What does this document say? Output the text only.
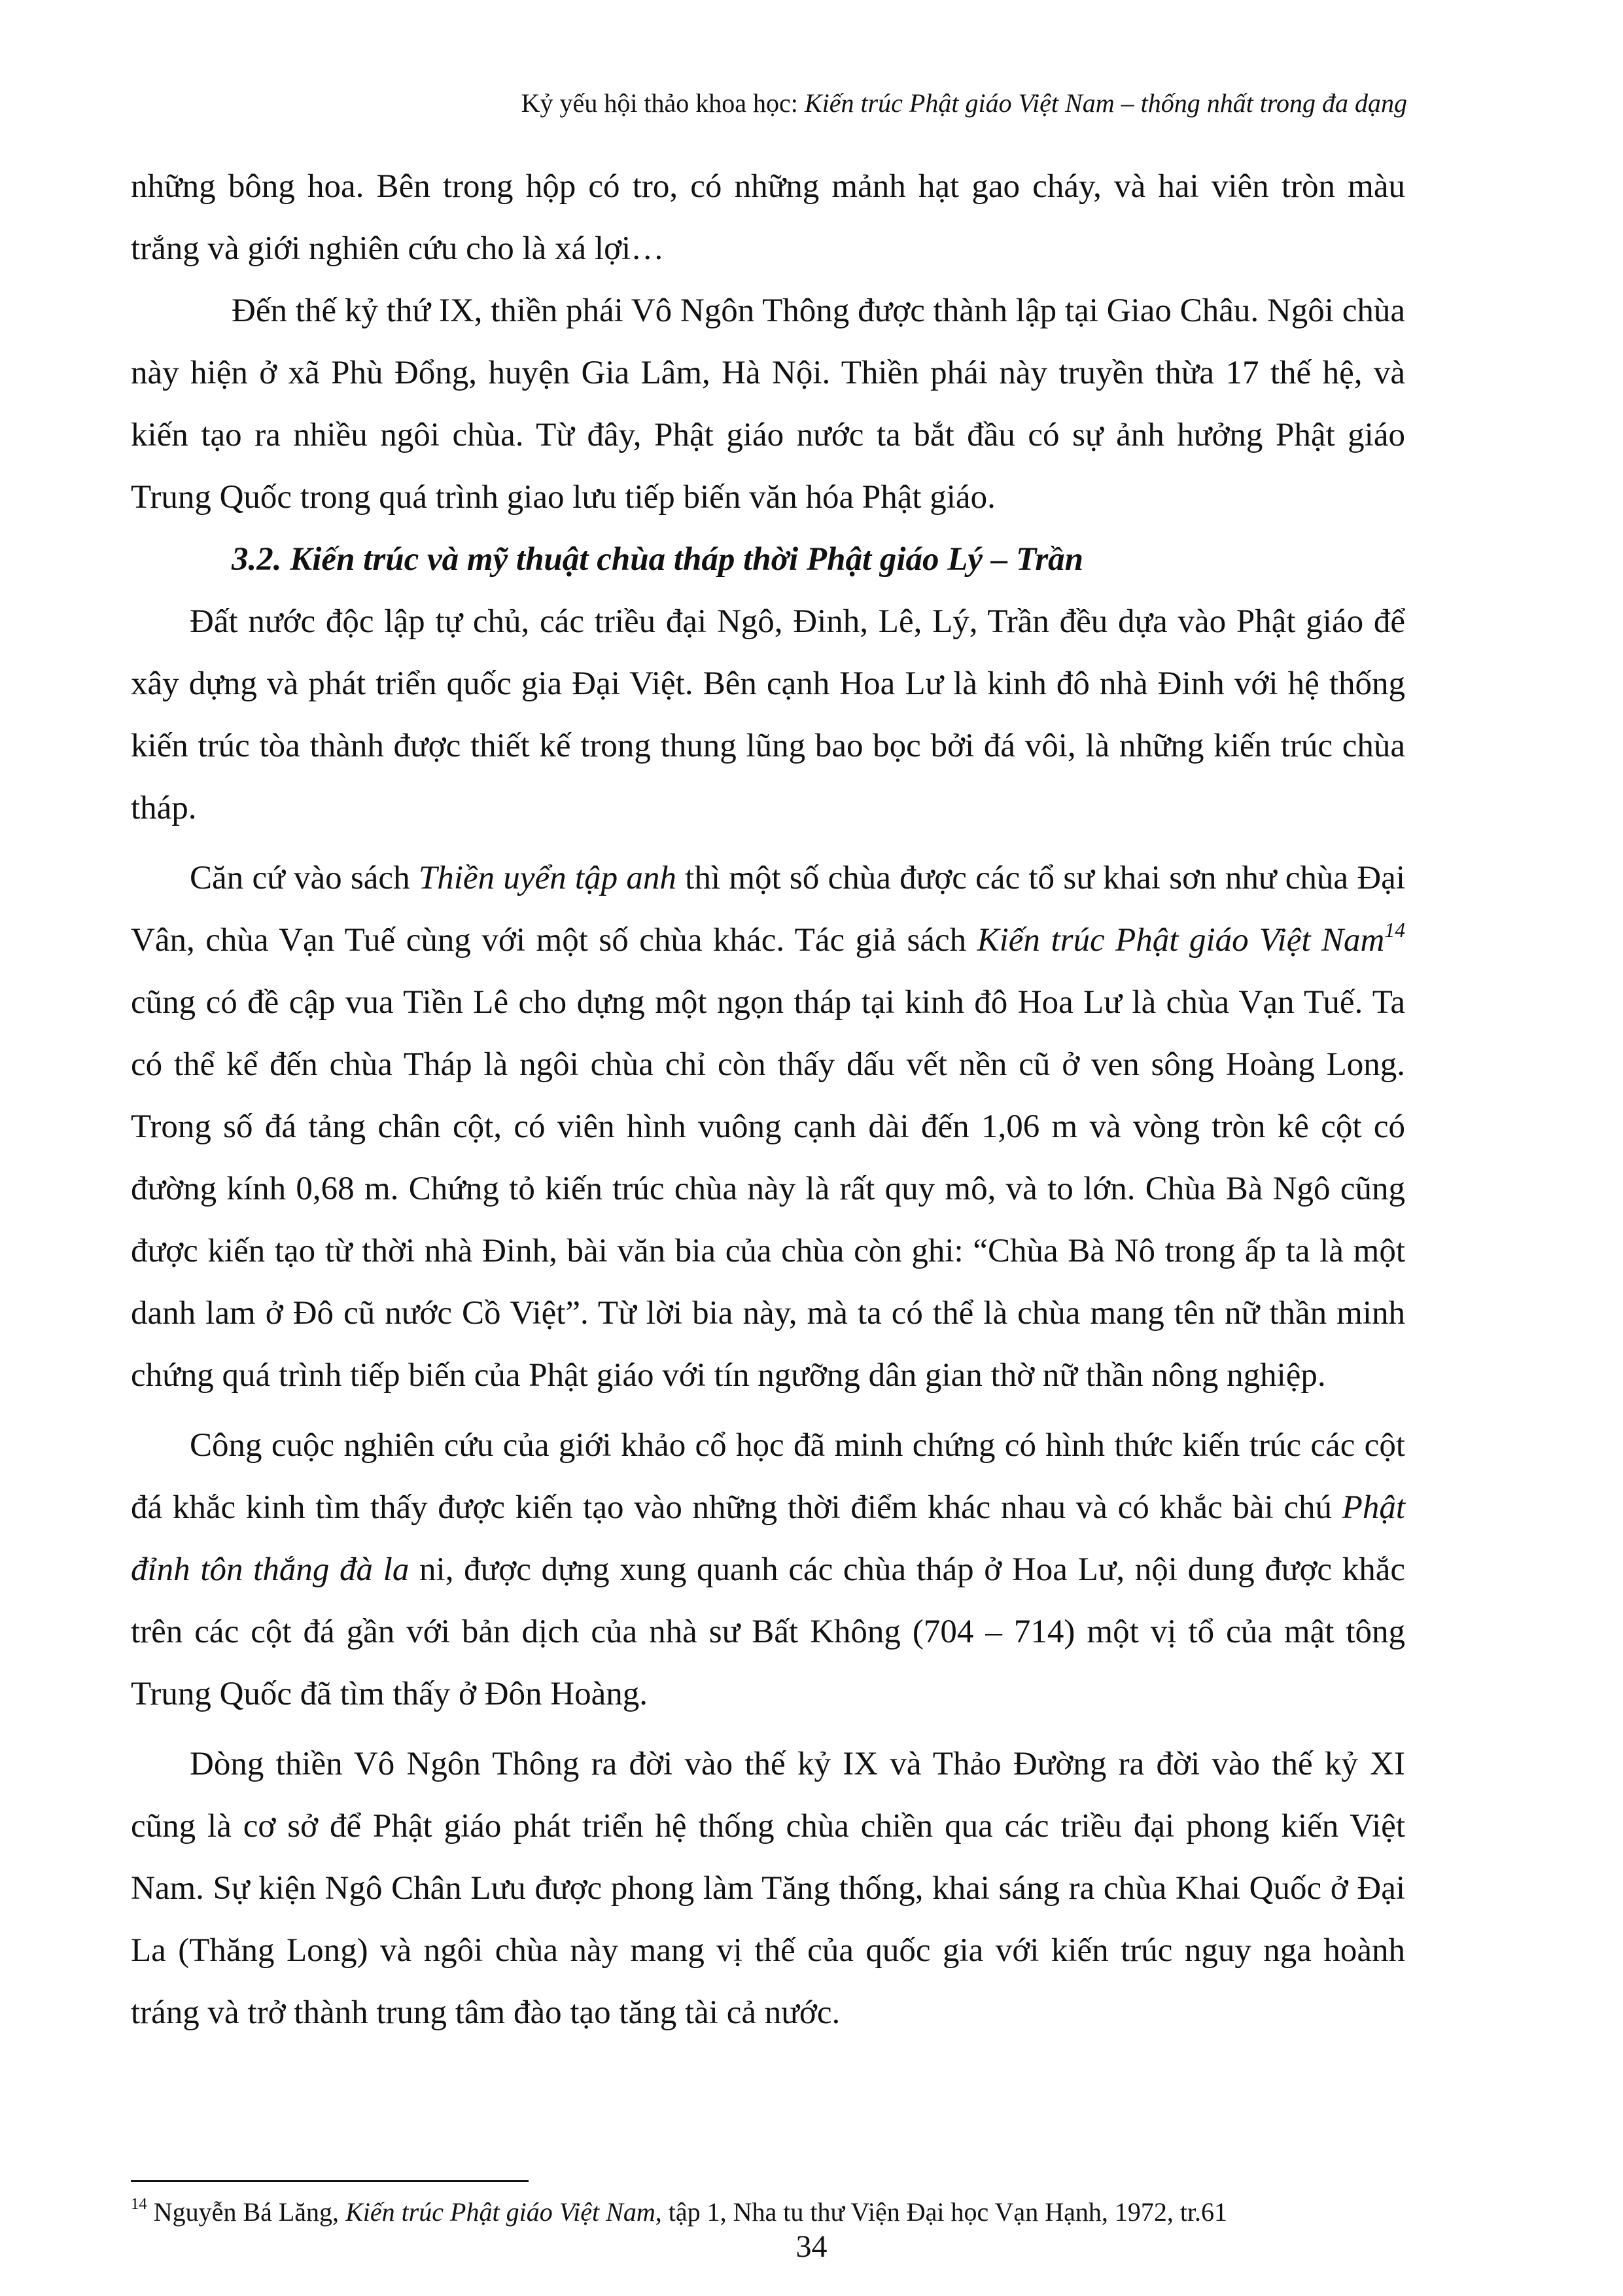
Kỷ yếu hội thảo khoa học: Kiến trúc Phật giáo Việt Nam – thống nhất trong đa dạng

những bông hoa. Bên trong hộp có tro, có những mảnh hạt gao cháy, và hai viên tròn màu trắng và giới nghiên cứu cho là xá lợi…

Đến thế kỷ thứ IX, thiền phái Vô Ngôn Thông được thành lập tại Giao Châu. Ngôi chùa này hiện ở xã Phù Đổng, huyện Gia Lâm, Hà Nội. Thiền phái này truyền thừa 17 thế hệ, và kiến tạo ra nhiều ngôi chùa. Từ đây, Phật giáo nước ta bắt đầu có sự ảnh hưởng Phật giáo Trung Quốc trong quá trình giao lưu tiếp biến văn hóa Phật giáo.

3.2. Kiến trúc và mỹ thuật chùa tháp thời Phật giáo Lý – Trần

Đất nước độc lập tự chủ, các triều đại Ngô, Đinh, Lê, Lý, Trần đều dựa vào Phật giáo để xây dựng và phát triển quốc gia Đại Việt. Bên cạnh Hoa Lư là kinh đô nhà Đinh với hệ thống kiến trúc tòa thành được thiết kế trong thung lũng bao bọc bởi đá vôi, là những kiến trúc chùa tháp.

Căn cứ vào sách Thiền uyển tập anh thì một số chùa được các tổ sư khai sơn như chùa Đại Vân, chùa Vạn Tuế cùng với một số chùa khác. Tác giả sách Kiến trúc Phật giáo Việt Nam$^{14}$ cũng có đề cập vua Tiền Lê cho dựng một ngọn tháp tại kinh đô Hoa Lư là chùa Vạn Tuế. Ta có thể kể đến chùa Tháp là ngôi chùa chỉ còn thấy dấu vết nền cũ ở ven sông Hoàng Long. Trong số đá tảng chân cột, có viên hình vuông cạnh dài đến 1,06 m và vòng tròn kê cột có đường kính 0,68 m. Chứng tỏ kiến trúc chùa này là rất quy mô, và to lớn. Chùa Bà Ngô cũng được kiến tạo từ thời nhà Đinh, bài văn bia của chùa còn ghi: “Chùa Bà Nô trong ấp ta là một danh lam ở Đô cũ nước Cồ Việt”. Từ lời bia này, mà ta có thể là chùa mang tên nữ thần minh chứng quá trình tiếp biến của Phật giáo với tín ngưỡng dân gian thờ nữ thần nông nghiệp.

Công cuộc nghiên cứu của giới khảo cổ học đã minh chứng có hình thức kiến trúc các cột đá khắc kinh tìm thấy được kiến tạo vào những thời điểm khác nhau và có khắc bài chú Phật đỉnh tôn thắng đà la ni, được dựng xung quanh các chùa tháp ở Hoa Lư, nội dung được khắc trên các cột đá gần với bản dịch của nhà sư Bất Không (704 – 714) một vị tổ của mật tông Trung Quốc đã tìm thấy ở Đôn Hoàng.

Dòng thiền Vô Ngôn Thông ra đời vào thế kỷ IX và Thảo Đường ra đời vào thế kỷ XI cũng là cơ sở để Phật giáo phát triển hệ thống chùa chiền qua các triều đại phong kiến Việt Nam. Sự kiện Ngô Chân Lưu được phong làm Tăng thống, khai sáng ra chùa Khai Quốc ở Đại La (Thăng Long) và ngôi chùa này mang vị thế của quốc gia với kiến trúc nguy nga hoành tráng và trở thành trung tâm đào tạo tăng tài cả nước.

$^{14}$ Nguyễn Bá Lăng, Kiến trúc Phật giáo Việt Nam, tập 1, Nha tu thư Viện Đại học Vạn Hạnh, 1972, tr.61
34
